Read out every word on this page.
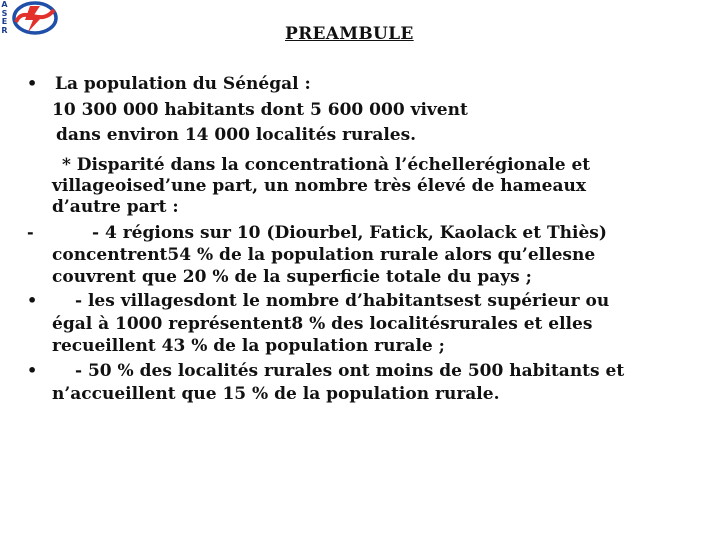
A
S
E
R	PREAMBULE
• La population du Sénégal :
10 300 000 habitants dont 5 600 000 vivent
dans environ 14 000 localités rurales.
* Disparité dans la concentrationà l’échellerégionale et
villageoised’une part, un nombre très élevé de hameaux
d’autre part :
-	- 4 régions sur 10 (Diourbel, Fatick, Kaolack et Thiès)
concentrent54 % de la population rurale alors qu’ellesne
couvrent que 20 % de la superficie totale du pays ;
• - les villagesdont le nombre d’habitantsest supérieur ou
égal à 1000 représentent8 % des localitésrurales et elles
recueillent 43 % de la population rurale ;
• - 50 % des localités rurales ont moins de 500 habitants et
n’accueillent que 15 % de la population rurale.
